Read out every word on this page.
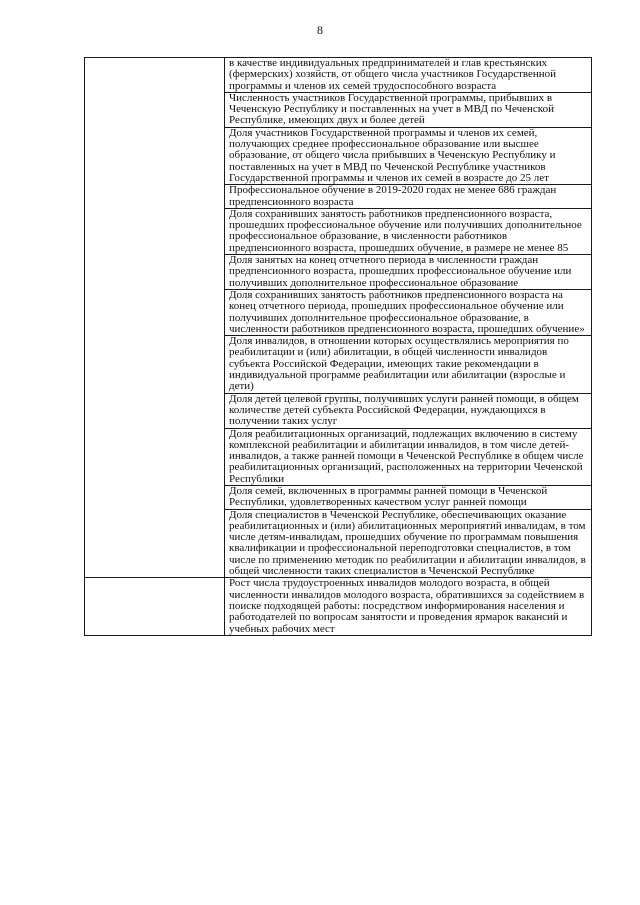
8
	в качестве индивидуальных предпринимателей и глав крестьянских (фермерских) хозяйств, от общего числа участников Государственной программы и членов их семей трудоспособного возраста
	Численность участников Государственной программы, прибывших в Чеченскую Республику и поставленных на учет в МВД по Чеченской Республике, имеющих двух и более детей
	Доля участников Государственной программы и членов их семей, получающих среднее профессиональное образование или высшее образование, от общего числа прибывших в Чеченскую Республику и поставленных на учет в МВД по Чеченской Республике участников Государственной программы и членов их семей в возрасте до 25 лет
	Профессиональное обучение в 2019-2020 годах не менее 686 граждан предпенсионного возраста
	Доля сохранивших занятость работников предпенсионного возраста, прошедших профессиональное обучение или получивших дополнительное профессиональное образование, в численности работников предпенсионного возраста, прошедших обучение, в размере не менее 85
	Доля занятых на конец отчетного периода в численности граждан предпенсионного возраста, прошедших профессиональное обучение или получивших дополнительное профессиональное образование
	Доля сохранивших занятость работников предпенсионного возраста на конец отчетного периода, прошедших профессиональное обучение или получивших дополнительное профессиональное образование, в численности работников предпенсионного возраста, прошедших обучение»
	Доля инвалидов, в отношении которых осуществлялись мероприятия по реабилитации и (или) абилитации, в общей численности инвалидов субъекта Российской Федерации, имеющих такие рекомендации в индивидуальной программе реабилитации или абилитации (взрослые и дети)
	Доля детей целевой группы, получивших услуги ранней помощи, в общем количестве детей субъекта Российской Федерации, нуждающихся в получении таких услуг
	Доля реабилитационных организаций, подлежащих включению в систему комплексной реабилитации и абилитации инвалидов, в том числе детей-инвалидов, а также ранней помощи в Чеченской Республике в общем числе реабилитационных организаций, расположенных на территории Чеченской Республики
	Доля семей, включенных в программы ранней помощи в Чеченской Республики, удовлетворенных качеством услуг ранней помощи
	Доля специалистов в Чеченской Республике, обеспечивающих оказание реабилитационных и (или) абилитационных мероприятий инвалидам, в том числе детям-инвалидам, прошедших обучение по программам повышения квалификации и профессиональной переподготовки специалистов, в том числе по применению методик по реабилитации и абилитации инвалидов, в общей численности таких специалистов в Чеченской Республике
	Рост числа трудоустроенных инвалидов молодого возраста, в общей численности инвалидов молодого возраста, обратившихся за содействием в поиске подходящей работы: посредством информирования населения и работодателей по вопросам занятости и проведения ярмарок вакансий и учебных рабочих мест
